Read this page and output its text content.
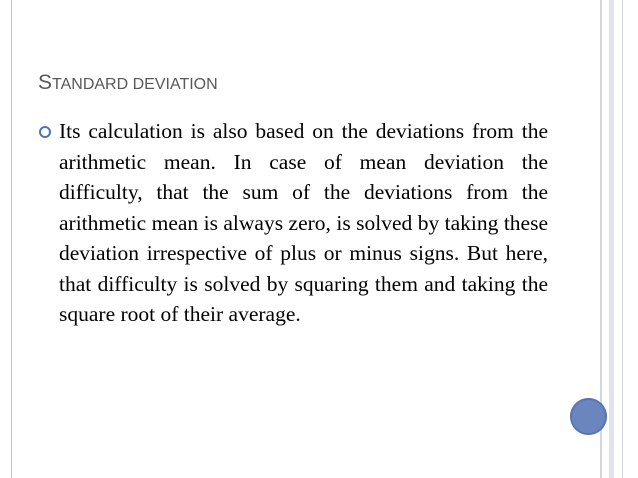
STANDARD DEVIATION
Its calculation is also based on the deviations from the arithmetic mean. In case of mean deviation the difficulty, that the sum of the deviations from the arithmetic mean is always zero, is solved by taking these deviation irrespective of plus or minus signs. But here, that difficulty is solved by squaring them and taking the square root of their average.
